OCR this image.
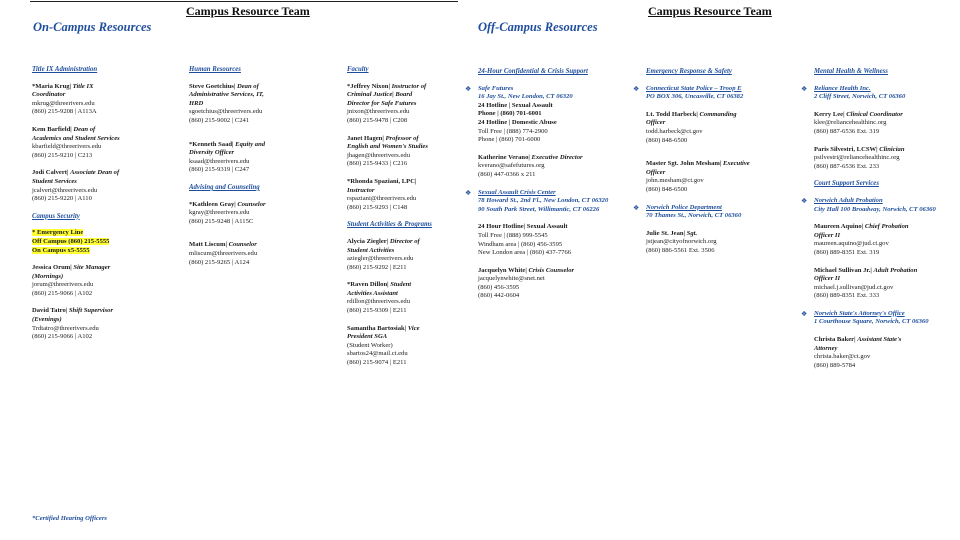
Campus Resource Team
On-Campus Resources

Title IX Administration

*Maria Krug| Title IX

Coordinator

mkrug@threerivers.edu

(860) 215-9208 | A113A

Kem Barfield| Dean of

Academics and Student Services

kbarfield@threerivers.edu

(860) 215-9210 | C213

Jodi Calvert| Associate Dean of

Student Services

jcalvert@threerivers.edu

(860) 215-9220 | A110

Campus Security

* Emergency Line

Off Campus (860) 215-5555

On Campus x5-5555

Jessica Orum| Site Manager

(Mornings)

jorum@threerivers.edu

(860) 215-9066 | A102

David Tatro| Shift Supervisor

(Evenings)

Trdtatro@threerivers.edu

(860) 215-9066 | A102

*Certified Hearing Officers

Human Resources

Steve Goetchius| Dean of

Administrative Services, IT,

HRD

sgoetchius@threerivers.edu

(860) 215-9002 | C241

*Kenneth Saad| Equity and

Diversity Officer

ksaad@threerivers.edu

(860) 215-9319 | C247

Advising and Counseling

*Kathleen Gray| Counselor

kgray@threerivers.edu

(860) 215-9248 | A115C

Matt Liscum| Counselor

mliscum@threerivers.edu

(860) 215-9265 | A124

Faculty

*Jeffrey Nixon| Instructor of

Criminal Justice| Board

Director for Safe Futures

jnixon@threerivers.edu

(860) 215-9478 | C208

Janet Hagen| Professor of

English and Women's Studies

jhagen@threerivers.edu

(860) 215-9433 | C216

*Rhonda Spaziani, LPC|

Instructor

rspaziani@threerivers.edu

(860) 215-9293 | C148

Student Activities & Programs

Alycia Ziegler| Director of

Student Activities

aziegler@threerivers.edu

(860) 215-9292 | E211

*Raven Dillon| Student

Activities Assistant

rdillon@threerivers.edu

(860) 215-9309 | E211

Samantha Bartosiak| Vice

President SGA

(Student Worker)

sbartos24@mail.ct.edu

(860) 215-9074 | E211

Campus Resource Team
Off-Campus Resources

24-Hour Confidential & Crisis Support

❖ Safe Futures

16 Jay St., New London, CT 06320

24 Hotline | Sexual Assault

Phone | (860) 701-6001

24 Hotline | Domestic Abuse

Toll Free | (888) 774-2900

Phone | (860) 701-6000

Katherine Verano| Executive Director

kverano@safefutures.org

(860) 447-0366 x 211

❖ Sexual Assault Crisis Center

78 Howard St., 2nd Fl., New London, CT 06320

90 South Park Street, Willimantic, CT 06226

24 Hour Hotline| Sexual Assault

Toll Free | (888) 999-5545

Windham area | (860) 456-3595

New London area | (860) 437-7766

Jacquelyn White| Crisis Counselor

jacquelynwhite@snet.net

(860) 456-3595

(860) 442-0604

Emergency Response & Safety

❖ Connecticut State Police – Troop E

PO BOX 306, Uncasville, CT 06382

Lt. Todd Harbeck| Commanding

Officer

todd.harbeck@ct.gov

(860) 848-6500

Master Sgt. John Mesham| Executive

Officer

john.mesham@ct.gov

(860) 848-6500

❖ Norwich Police Department

70 Thames St., Norwich, CT 06360

Julie St. Jean| Sgt.

jstjean@cityofnorwich.org

(860) 886-5561 Ext. 3506

Mental Health & Wellness

❖ Reliance Health Inc.

2 Cliff Street, Norwich, CT 06360

Kerry Lee| Clinical Coordinator

klee@reliancehealthinc.org

(860) 887-6536 Ext. 319

Paris Silvestri, LCSW| Clinician

psilvestri@reliancehealthinc.org

(860) 887-6536 Ext. 233

Court Support Services

❖ Norwich Adult Probation

City Hall 100 Broadway, Norwich, CT 06360

Maureen Aquino| Chief Probation

Officer II

maureen.aquino@jud.ct.gov

(860) 889-8351 Ext. 319

Michael Sullivan Jr.| Adult Probation

Officer II

michael.j.sullivan@jud.ct.gov

(860) 889-8351 Ext. 333

❖ Norwich State's Attorney's Office

1 Courthouse Square, Norwich, CT 06360

Christa Baker| Assistant State's

Attorney

christa.baker@ct.gov

(860) 889-5784
